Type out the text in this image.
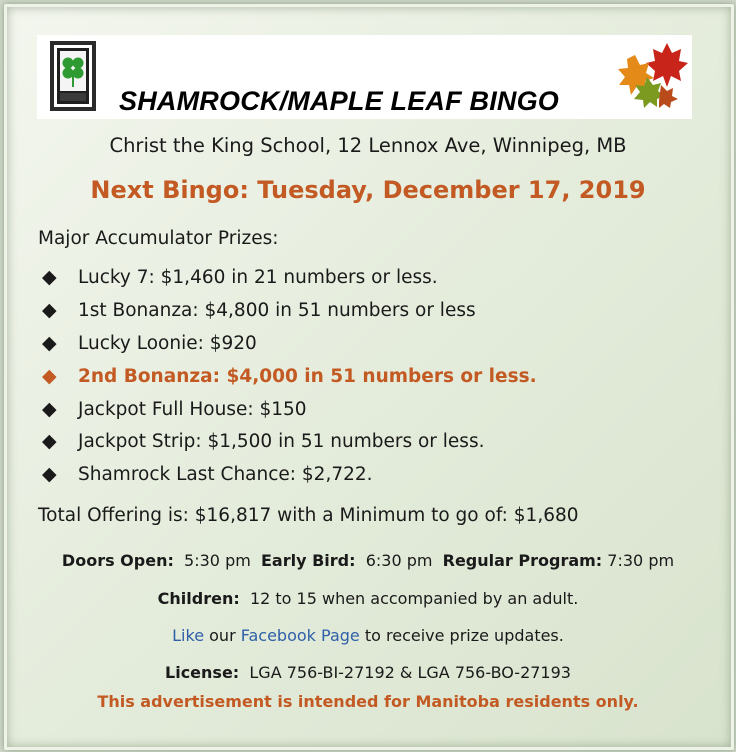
SHAMROCK/MAPLE LEAF BINGO
Christ the King School, 12 Lennox Ave, Winnipeg, MB
Next Bingo: Tuesday, December 17, 2019
Major Accumulator Prizes:
◆ Lucky 7: $1,460 in 21 numbers or less.
◆ 1st Bonanza: $4,800 in 51 numbers or less
◆ Lucky Loonie: $920
◆ 2nd Bonanza: $4,000 in 51 numbers or less.
◆ Jackpot Full House: $150
◆ Jackpot Strip: $1,500 in 51 numbers or less.
◆ Shamrock Last Chance: $2,722.
Total Offering is: $16,817 with a Minimum to go of: $1,680
Doors Open: 5:30 pm Early Bird: 6:30 pm Regular Program: 7:30 pm
Children: 12 to 15 when accompanied by an adult.
Like our Facebook Page to receive prize updates.
License: LGA 756-BI-27192 & LGA 756-BO-27193
This advertisement is intended for Manitoba residents only.
